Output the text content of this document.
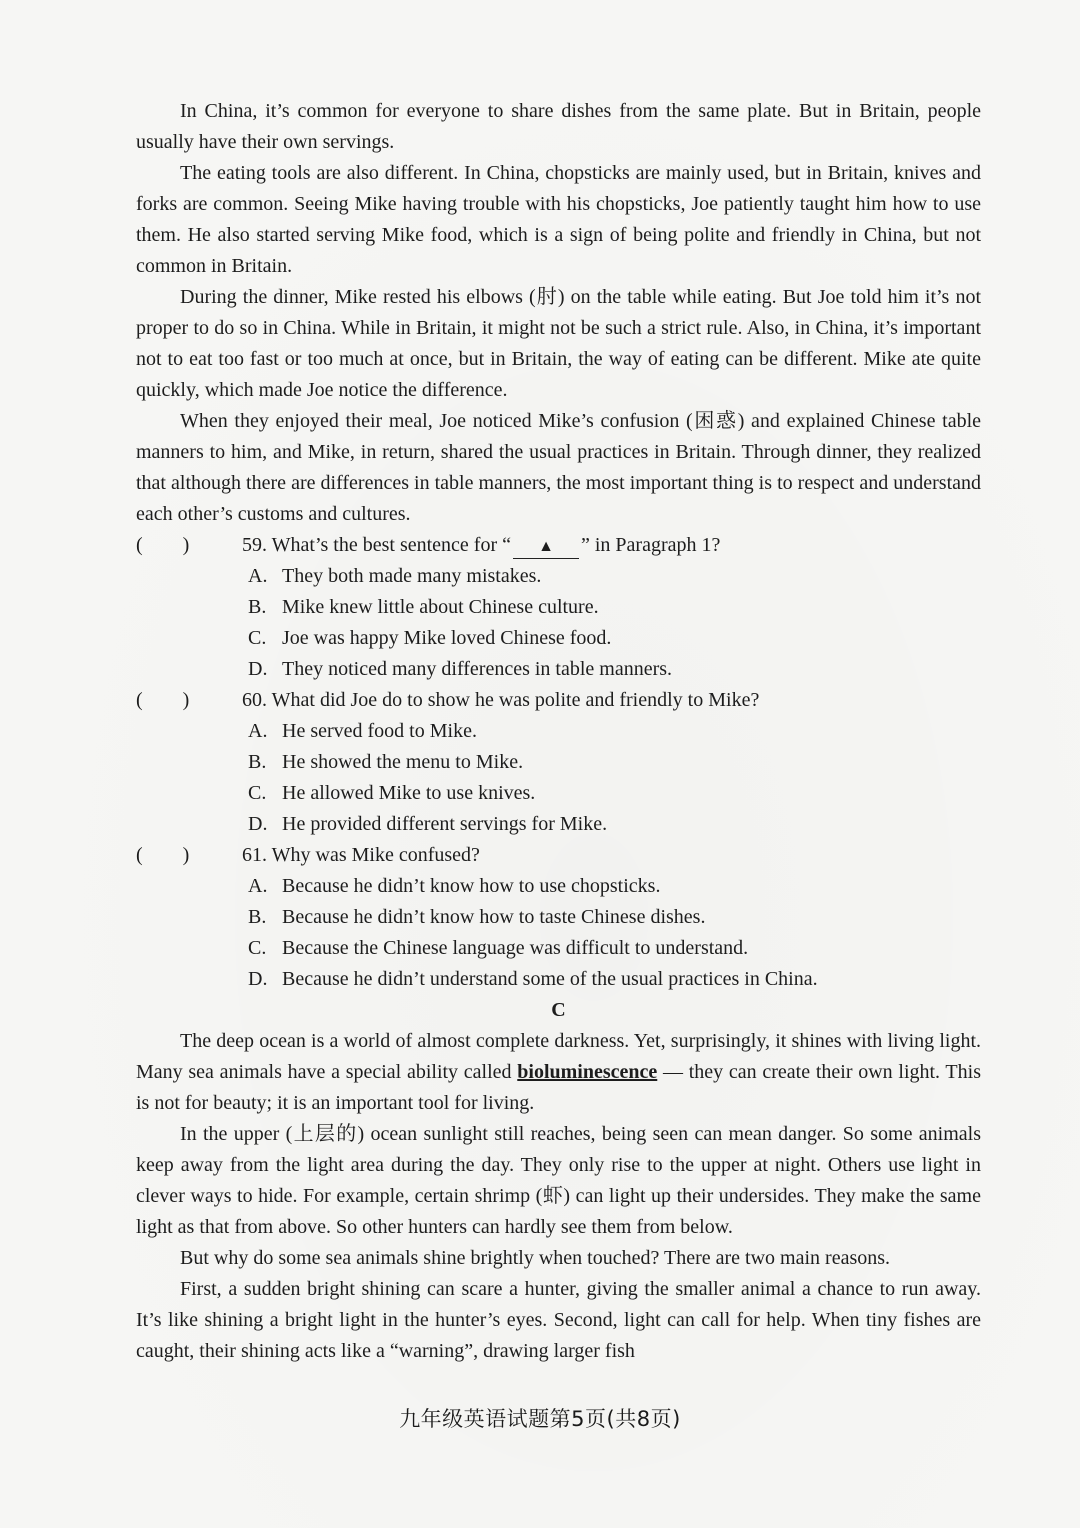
In China, it’s common for everyone to share dishes from the same plate. But in Britain, people usually have their own servings.

The eating tools are also different. In China, chopsticks are mainly used, but in Britain, knives and forks are common. Seeing Mike having trouble with his chopsticks, Joe patiently taught him how to use them. He also started serving Mike food, which is a sign of being polite and friendly in China, but not common in Britain.

During the dinner, Mike rested his elbows (肘) on the table while eating. But Joe told him it’s not proper to do so in China. While in Britain, it might not be such a strict rule. Also, in China, it’s important not to eat too fast or too much at once, but in Britain, the way of eating can be different. Mike ate quite quickly, which made Joe notice the difference.

When they enjoyed their meal, Joe noticed Mike’s confusion (困惑) and explained Chinese table manners to him, and Mike, in return, shared the usual practices in Britain. Through dinner, they realized that although there are differences in table manners, the most important thing is to respect and understand each other’s customs and cultures.

(        )	59. What’s the best sentence for “ ▲ ” in Paragraph 1?
A. They both made many mistakes.
B. Mike knew little about Chinese culture.
C. Joe was happy Mike loved Chinese food.
D. They noticed many differences in table manners.
(        )	60. What did Joe do to show he was polite and friendly to Mike?
A. He served food to Mike.
B. He showed the menu to Mike.
C. He allowed Mike to use knives.
D. He provided different servings for Mike.
(        )	61. Why was Mike confused?
A. Because he didn’t know how to use chopsticks.
B. Because he didn’t know how to taste Chinese dishes.
C. Because the Chinese language was difficult to understand.
D. Because he didn’t understand some of the usual practices in China.

C

The deep ocean is a world of almost complete darkness. Yet, surprisingly, it shines with living light. Many sea animals have a special ability called bioluminescence — they can create their own light. This is not for beauty; it is an important tool for living.

In the upper (上层的) ocean sunlight still reaches, being seen can mean danger. So some animals keep away from the light area during the day. They only rise to the upper at night. Others use light in clever ways to hide. For example, certain shrimp (虾) can light up their undersides. They make the same light as that from above. So other hunters can hardly see them from below.

But why do some sea animals shine brightly when touched? There are two main reasons.

First, a sudden bright shining can scare a hunter, giving the smaller animal a chance to run away. It’s like shining a bright light in the hunter’s eyes. Second, light can call for help. When tiny fishes are caught, their shining acts like a “warning”, drawing larger fish

九年级英语试题第5页(共8页)
